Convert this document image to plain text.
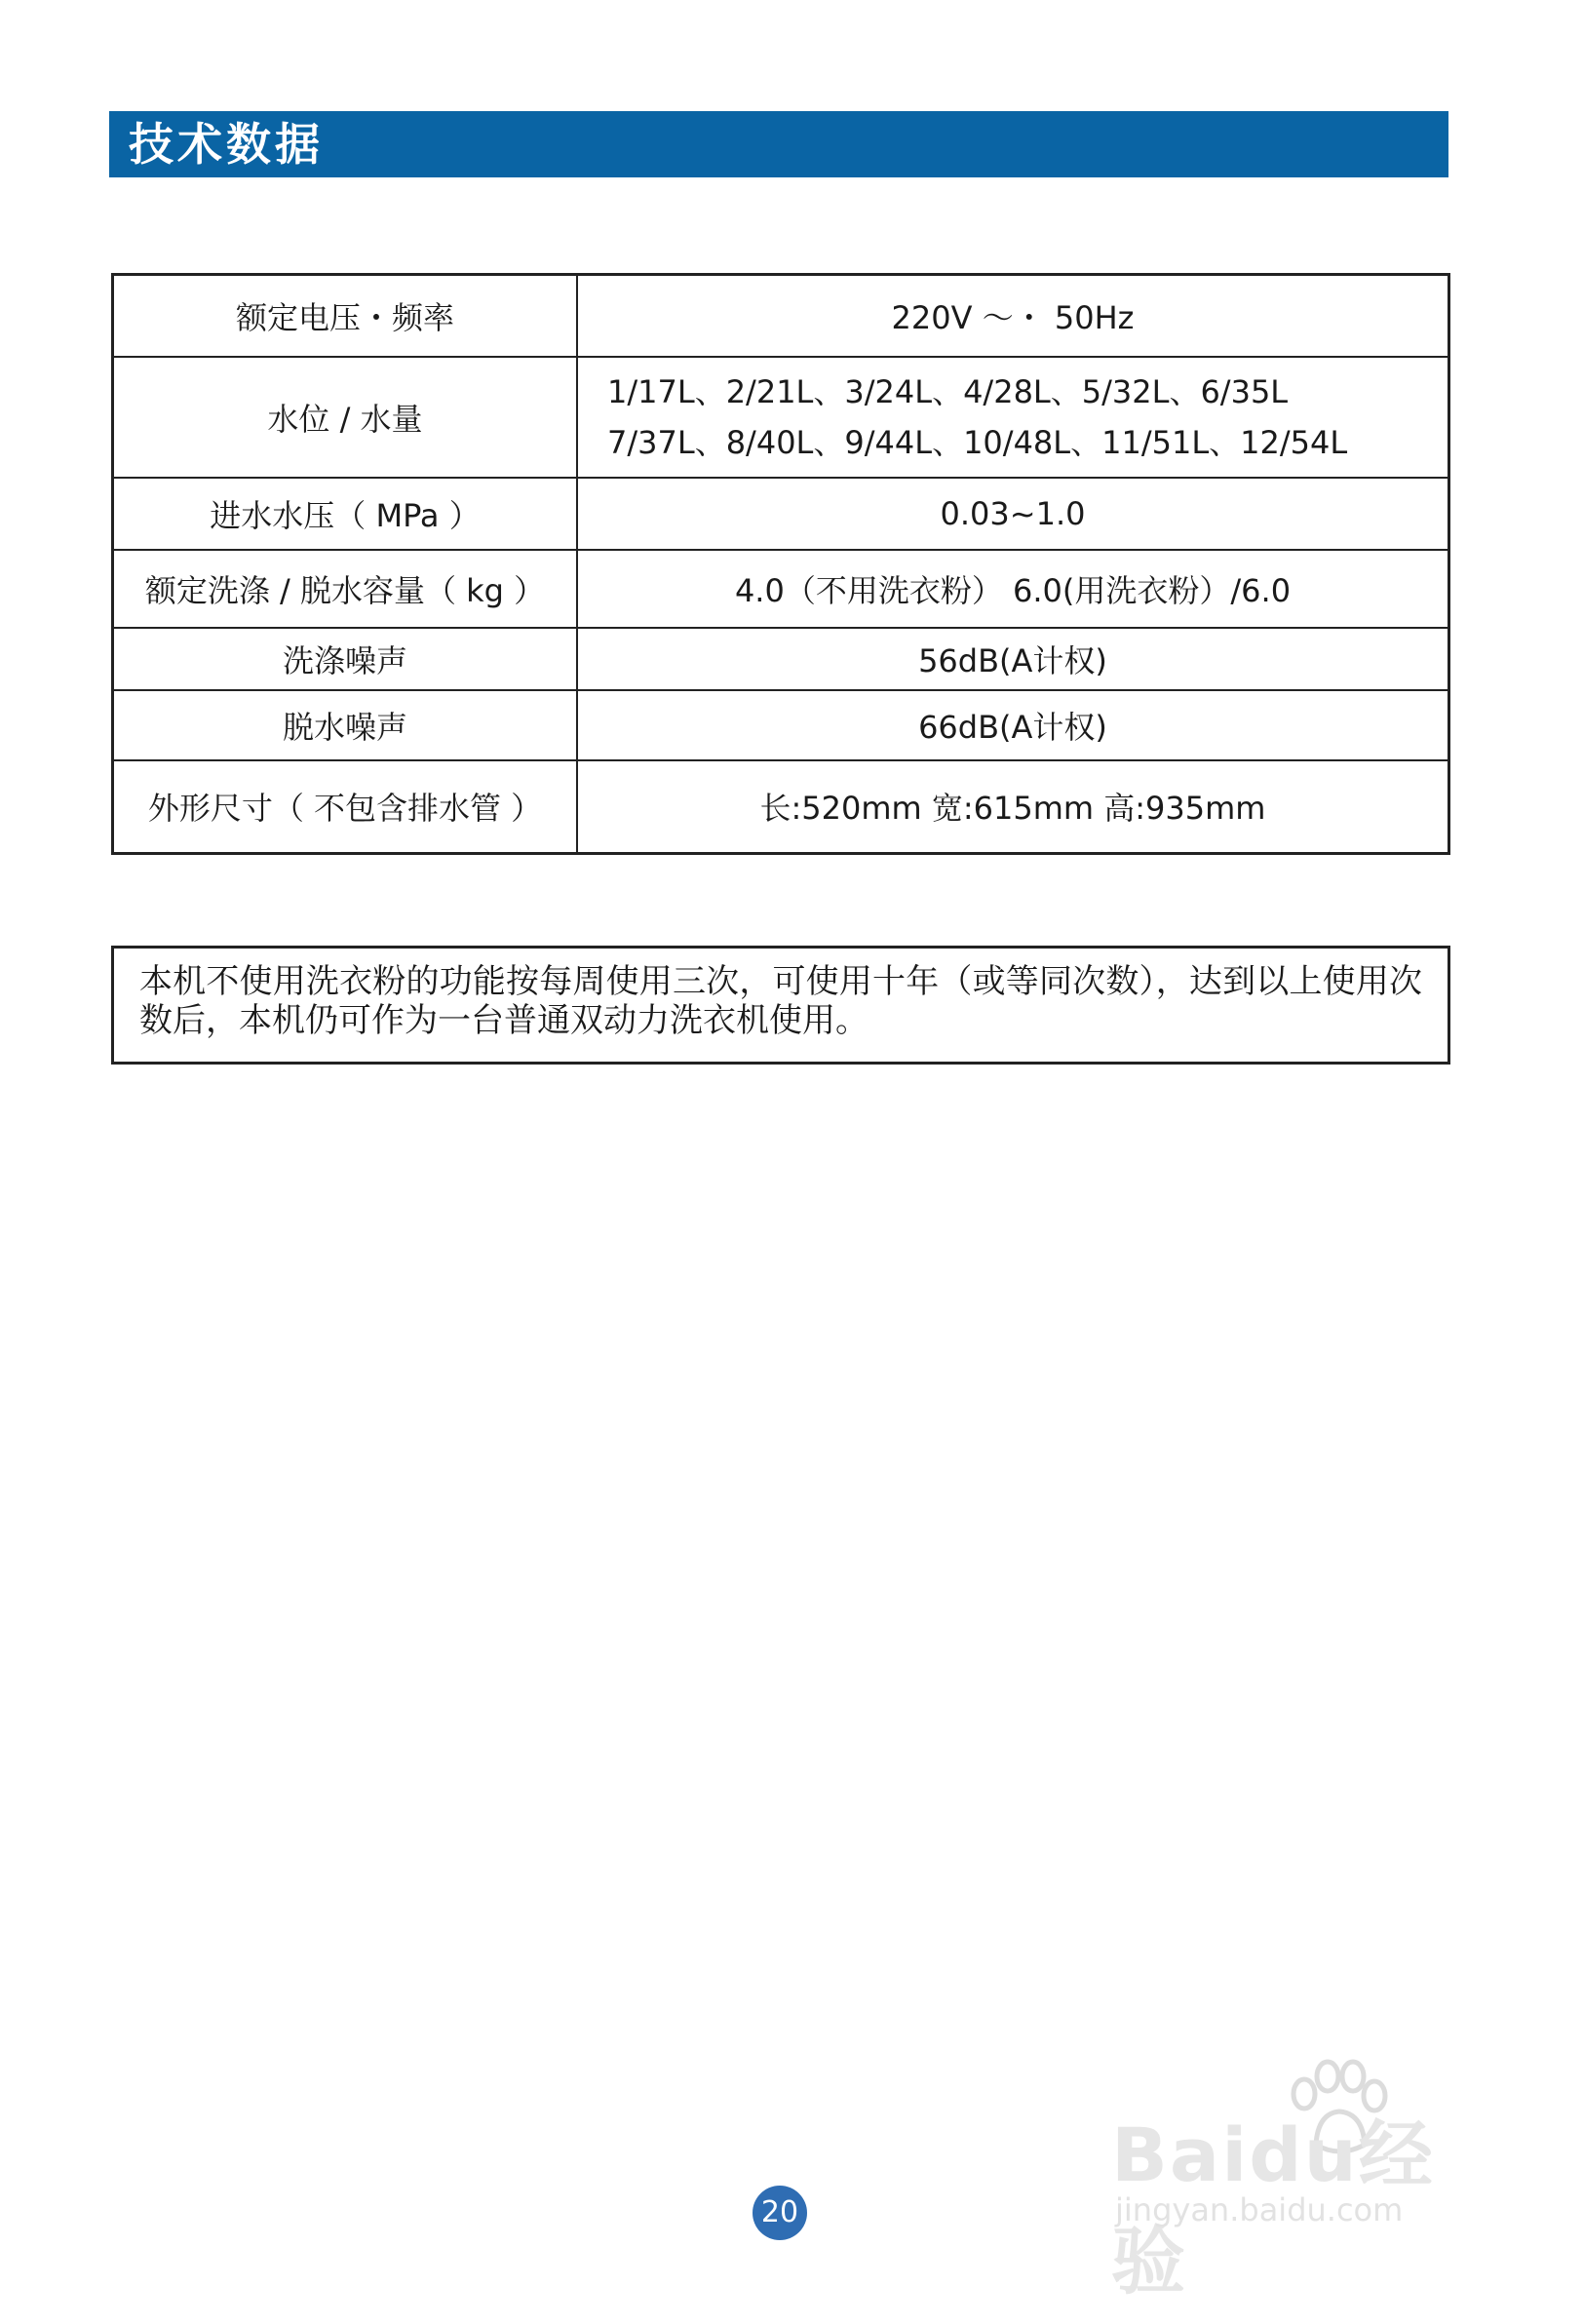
技术数据
额定电压・频率	220V ～・ 50Hz
水位 / 水量	1/17L、2/21L、3/24L、4/28L、5/32L、6/35L
7/37L、8/40L、9/44L、10/48L、11/51L、12/54L

进水水压（ MPa ）	0.03~1.0
额定洗涤 / 脱水容量（ kg ）	4.0（不用洗衣粉） 6.0(用洗衣粉）/6.0
洗涤噪声	56dB(A计权)
脱水噪声	66dB(A计权)
外形尺寸（ 不包含排水管 ）	长:520mm 宽:615mm 高:935mm
本机不使用洗衣粉的功能按每周使用三次，可使用十年（或等同次数），达到以上使用次数后，本机仍可作为一台普通双动力洗衣机使用。
20
Baidu经验
jingyan.baidu.com
